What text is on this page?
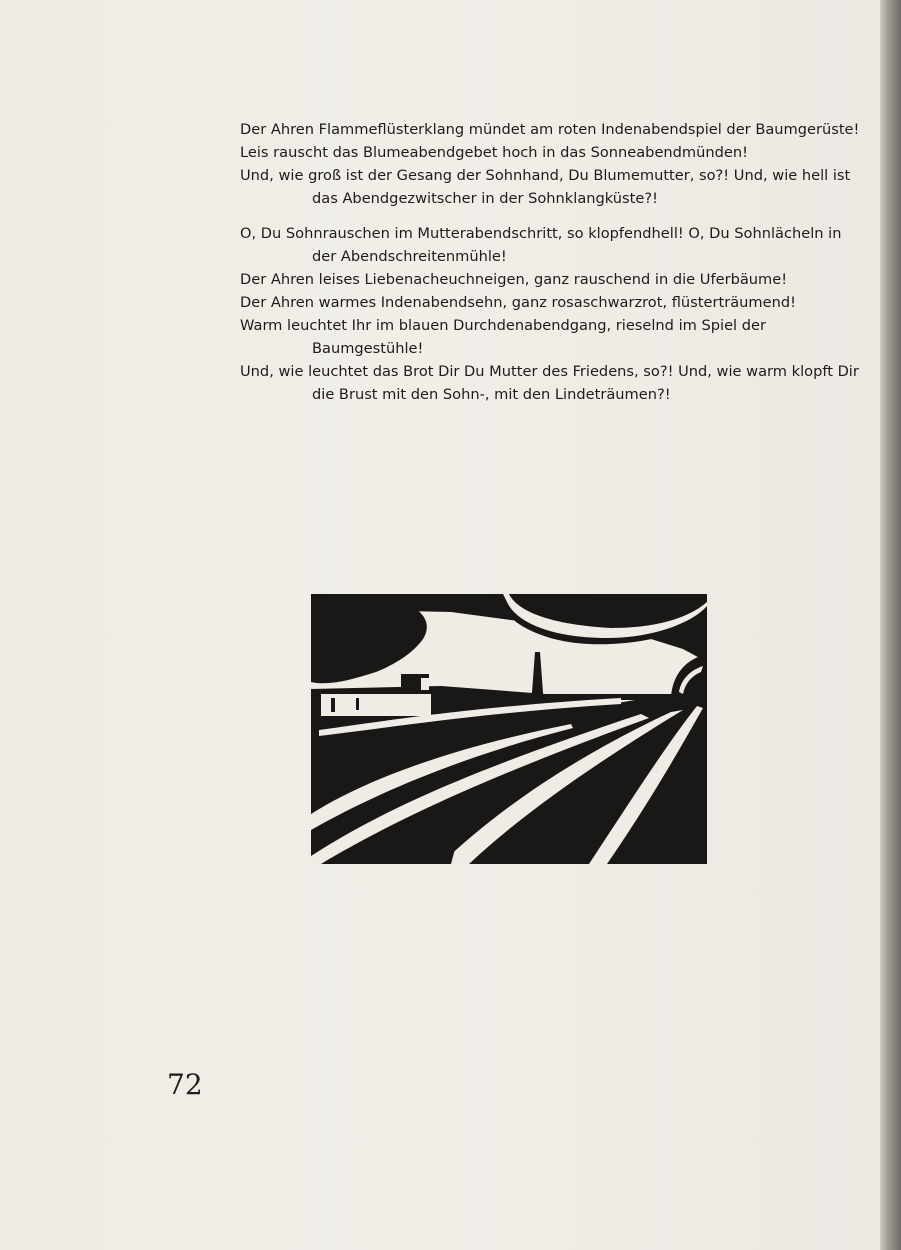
Der Ahren Flammeflüsterklang mündet am roten Indenabendspiel der Baumgerüste!
Leis rauscht das Blumeabendgebet hoch in das Sonneabendmünden!
Und, wie groß ist der Gesang der Sohnhand, Du Blumemutter, so?! Und, wie hell ist das Abendgezwitscher in der Sohnklangküste?!

O, Du Sohnrauschen im Mutterabendschritt, so klopfendhell! O, Du Sohnlächeln in der Abendschreitenmühle!
Der Ahren leises Liebenacheuchneigen, ganz rauschend in die Uferbäume!
Der Ahren warmes Indenabendsehn, ganz rosaschwarzrot, flüsterträumend!
Warm leuchtet Ihr im blauen Durchdenabendgang, rieselnd im Spiel der Baumgestühle!
Und, wie leuchtet das Brot Dir Du Mutter des Friedens, so?! Und, wie warm klopft Dir die Brust mit den Sohn-, mit den Lindeträumen?!

72
